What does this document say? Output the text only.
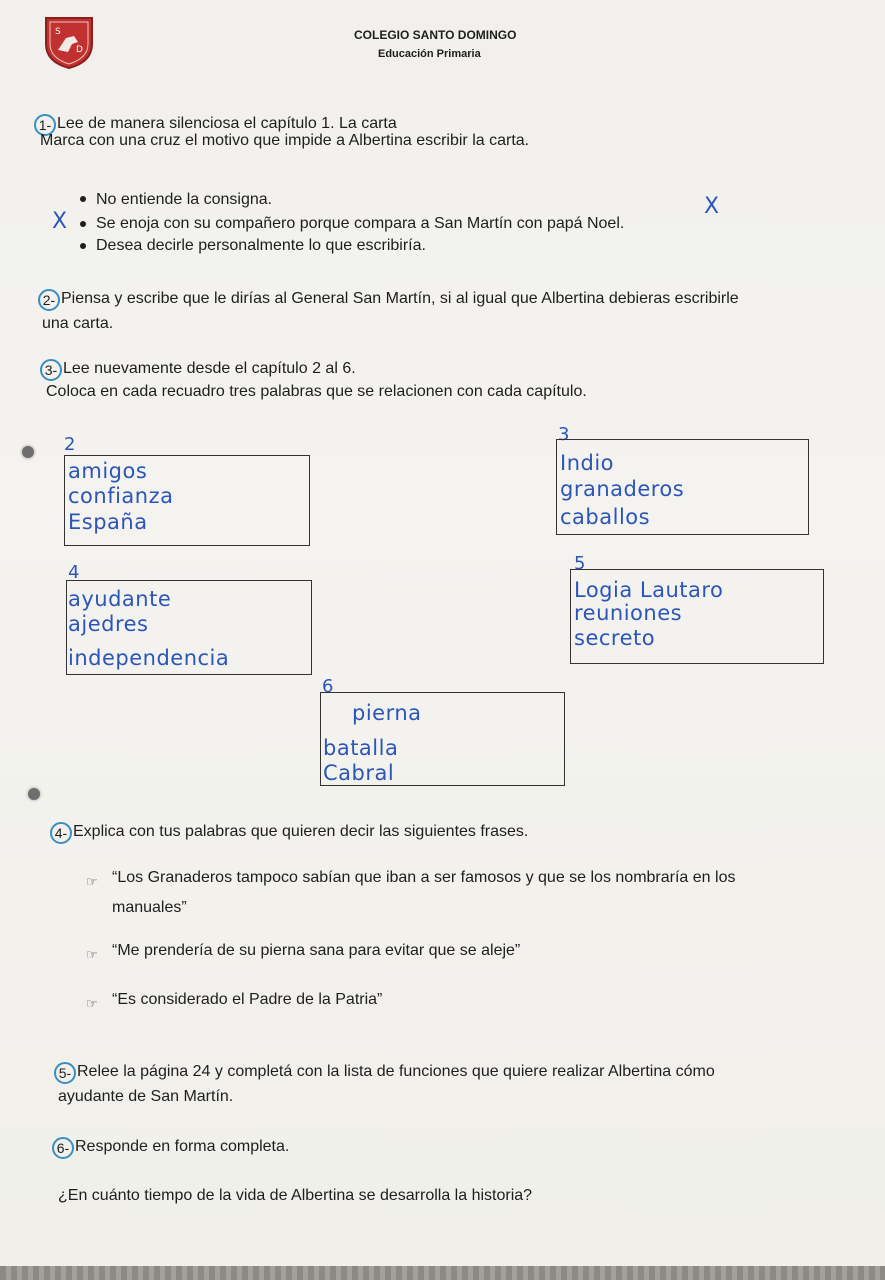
S
D
COLEGIO SANTO DOMINGO
Educación Primaria
1- Lee de manera silenciosa el capítulo 1. La carta
Marca con una cruz el motivo que impide a Albertina escribir la carta.
No entiende la consigna.
X Se enoja con su compañero porque compara a San Martín con papá Noel.
X
Desea decirle personalmente lo que escribiría.
2- Piensa y escribe que le dirías al General San Martín, si al igual que Albertina debieras escribirle
una carta.
3- Lee nuevamente desde el capítulo 2 al 6.
Coloca en cada recuadro tres palabras que se relacionen con cada capítulo.
2
amigos
confianza
España
3
Indio
granaderos
caballos
4
ayudante
ajedres
independencia
5
Logia Lautaro
reuniones
secreto
6
pierna
batalla
Cabral
4- Explica con tus palabras que quieren decir las siguientes frases.
☞ “Los Granaderos tampoco sabían que iban a ser famosos y que se los nombraría en los
manuales”
☞ “Me prendería de su pierna sana para evitar que se aleje”
☞ “Es considerado el Padre de la Patria”
5- Relee la página 24 y completá con la lista de funciones que quiere realizar Albertina cómo
ayudante de San Martín.
6- Responde en forma completa.
¿En cuánto tiempo de la vida de Albertina se desarrolla la historia?
